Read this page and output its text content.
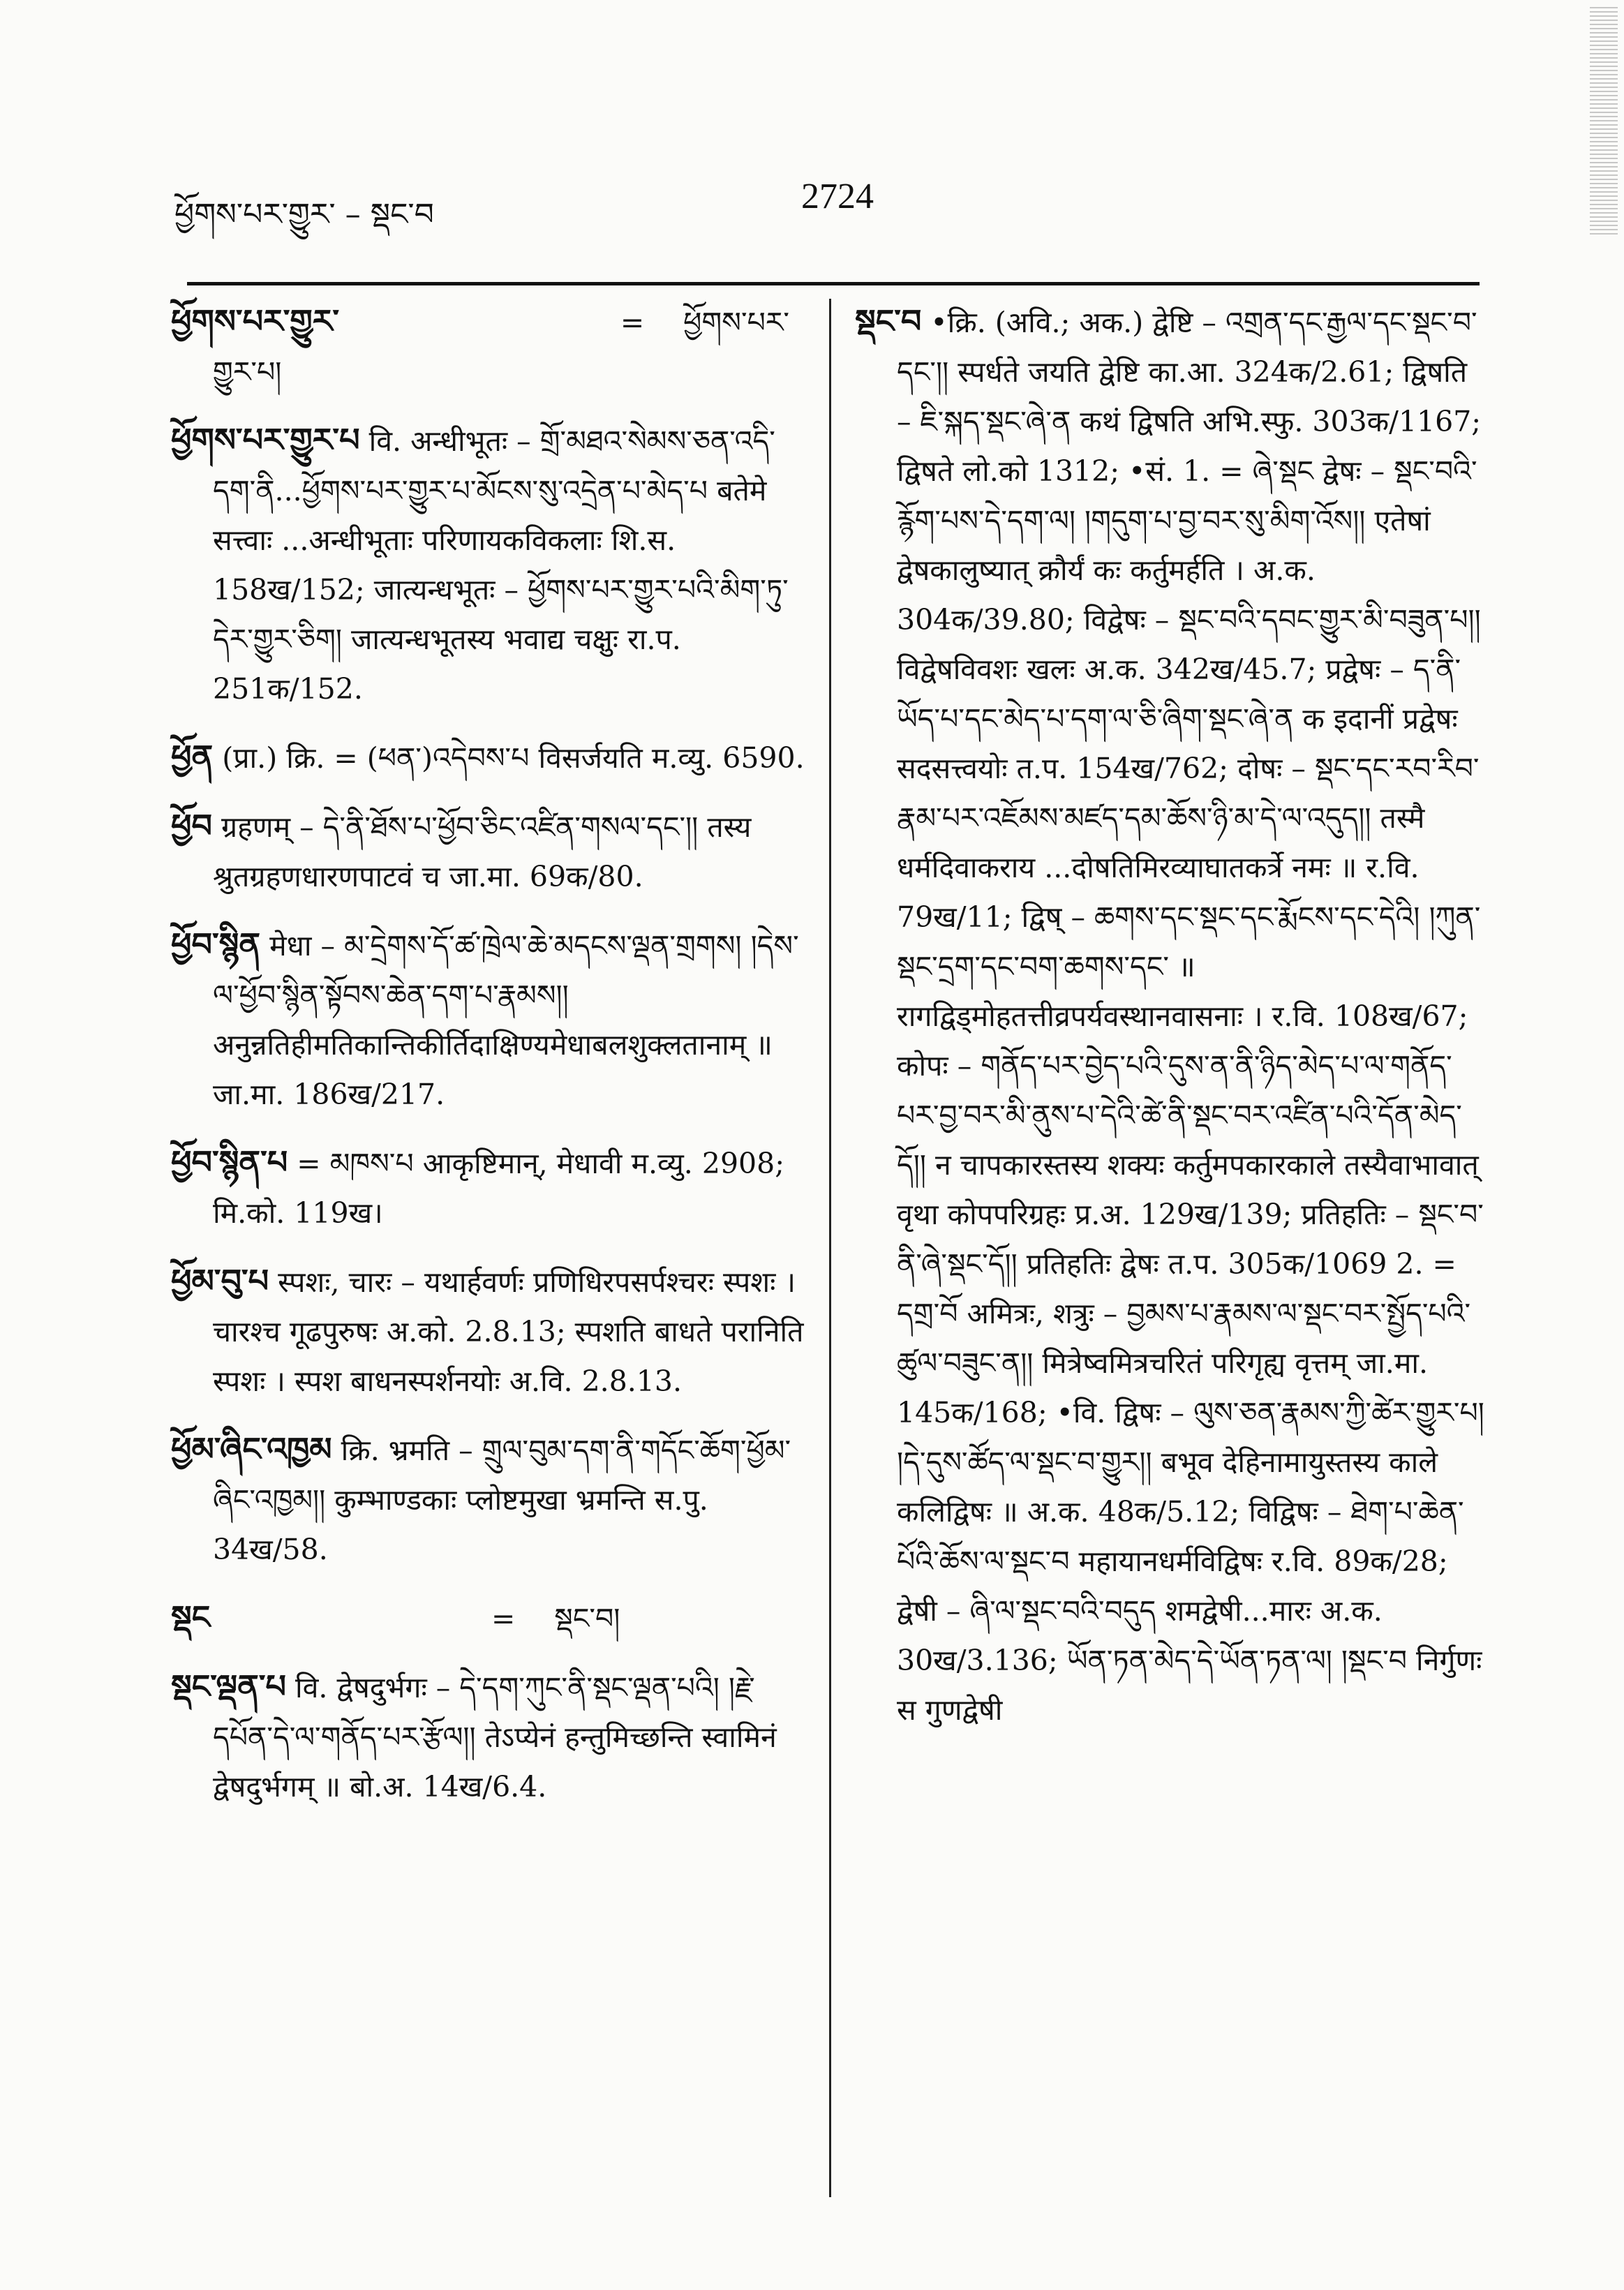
ཕྱོགས་པར་གྱུར་ – སྡང་བ	2724

ཕྱོགས་པར་གྱུར་	= ཕྱོགས་པར་གྱུར་པ།

ཕྱོགས་པར་གྱུར་པ वि. अन्धीभूतः – གྲོ་མཐའ་སེམས་ཅན་འདི་དག་ནི...ཕྱོགས་པར་གྱུར་པ་མོངས་སུ་འདྲེན་པ་མེད་པ बतेमे सत्त्वाः ...अन्धीभूताः परिणायकविकलाः शि.स. 158ख/152; जात्यन्धभूतः – ཕྱོགས་པར་གྱུར་པའི་མིག་ཏུ་དེར་གྱུར་ཅིག། जात्यन्धभूतस्य भवाद्य चक्षुः रा.प. 251क/152.

ཕྱོན (प्रा.) क्रि. = (ཕན་)འདེབས་པ विसर्जयति म.व्यु. 6590.

ཕྱོབ ग्रहणम् – དེ་ནི་ཐོས་པ་ཕྱོབ་ཅིང་འཛིན་གསལ་དང་།། तस्य श्रुतग्रहणधारणपाटवं च जा.मा. 69क/80.

ཕྱོབ་སྙིན मेधा – མ་དྲེགས་དོ་ཚ་ཁྲེལ་ཆེ་མདངས་ལྡན་གྲགས། །དེས་ལ་ཕྱོབ་སྙིན་སྟོབས་ཆེན་དག་པ་རྣམས།། अनुन्नतिहीमतिकान्तिकीर्तिदाक्षिण्यमेधाबलशुक्लतानाम् ॥ जा.मा. 186ख/217.

ཕྱོབ་སྙིན་པ = མཁས་པ आकृष्टिमान्, मेधावी म.व्यु. 2908; मि.को. 119ख।

ཕྱོམ་བུ་པ स्पशः, चारः – यथार्हवर्णः प्रणिधिरपसर्पश्चरः स्पशः । चारश्च गूढपुरुषः अ.को. 2.8.13; स्पशति बाधते परानिति स्पशः । स्पश बाधनस्पर्शनयोः अ.वि. 2.8.13.

ཕྱོམ་ཞིང་འཁྱམ क्रि. भ्रमति – གྲུལ་བུམ་དག་ནི་གདོང་ཆོག་ཕྱོམ་ཞིང་འཁྱམ།། कुम्भाण्डकाः प्लोष्टमुखा भ्रमन्ति स.पु. 34ख/58.

སྡང	= སྡང་བ།

སྡང་ལྡན་པ वि. द्वेषदुर्भगः – དེ་དག་ཀུང་ནི་སྡང་ལྡན་པའི། །རྗེ་དཔོན་དེ་ལ་གནོད་པར་རྩོལ།། तेऽप्येनं हन्तुमिच्छन्ति स्वामिनं द्वेषदुर्भगम् ॥ बो.अ. 14ख/6.4.

སྡང་བ •क्रि. (अवि.; अक.) द्वेष्टि – འགྲན་དང་རྒྱལ་དང་སྡང་བ་དང་།། स्पर्धते जयति द्वेष्टि का.आ. 324क/2.61; द्विषति – ཇི་སྐད་སྡང་ཞེ་ན कथं द्विषति अभि.स्फु. 303क/1167; द्विषते लो.को 1312; •सं. 1. = ཞེ་སྡང द्वेषः – སྡང་བའི་རྙོག་པས་དེ་དག་ལ། །གདུག་པ་བྱ་བར་སུ་མིག་འོས།། एतेषां द्वेषकालुष्यात् क्रौर्यं कः कर्तुमर्हति । अ.क. 304क/39.80; विद्वेषः – སྡང་བའི་དབང་གྱུར་མི་བཟུན་པ།། विद्वेषविवशः खलः अ.क. 342ख/45.7; प्रद्वेषः – ད་ནི་ཡོད་པ་དང་མེད་པ་དག་ལ་ཅི་ཞིག་སྡང་ཞེ་ན क इदानीं प्रद्वेषः सदसत्त्वयोः त.प. 154ख/762; दोषः – སྡང་དང་རབ་རིབ་རྣམ་པར་འཇོམས་མཛད་དམ་ཆོས་ཉི་མ་དེ་ལ་འདུད།། तस्मै धर्मदिवाकराय ...दोषतिमिरव्याघातकर्त्रे नमः ॥ र.वि. 79ख/11; द्विष् – ཆགས་དང་སྡང་དང་རྨོངས་དང་དེའི། །ཀུན་སྡང་དྲག་དང་བག་ཆགས་དང་ ॥ रागद्विड्मोहतत्तीव्रपर्यवस्थानवासनाः । र.वि. 108ख/67; कोपः – གནོད་པར་བྱེད་པའི་དུས་ན་ནི་ཉིད་མེད་པ་ལ་གནོད་པར་བྱ་བར་མི་ནུས་པ་དེའི་ཚེ་ནི་སྡང་བར་འཛིན་པའི་དོན་མེད་དོ།། न चापकारस्तस्य शक्यः कर्तुमपकारकाले तस्यैवाभावात् वृथा कोपपरिग्रहः प्र.अ. 129ख/139; प्रतिहतिः – སྡང་བ་ནི་ཞེ་སྡང་དོ།། प्रतिहतिः द्वेषः त.प. 305क/1069 2. = དགྲ་བོ अमित्रः, शत्रुः – བྱམས་པ་རྣམས་ལ་སྡང་བར་སྤྱོད་པའི་ཚུལ་བཟུང་ན།། मित्रेष्वमित्रचरितं परिगृह्य वृत्तम् जा.मा. 145क/168; •वि. द्विषः – ལུས་ཅན་རྣམས་ཀྱི་ཚེར་གྱུར་པ། །དེ་དུས་ཚོད་ལ་སྡང་བ་གྱུར།། बभूव देहिनामायुस्तस्य काले कलिद्विषः ॥ अ.क. 48क/5.12; विद्विषः – ཐེག་པ་ཆེན་པོའི་ཆོས་ལ་སྡང་བ महायानधर्मविद्विषः र.वि. 89क/28; द्वेषी – ཞི་ལ་སྡང་བའི་བདུད शमद्वेषी...मारः अ.क. 30ख/3.136; ཡོན་ཏན་མེད་དེ་ཡོན་ཏན་ལ། །སྡང་བ निर्गुणः स गुणद्वेषी
